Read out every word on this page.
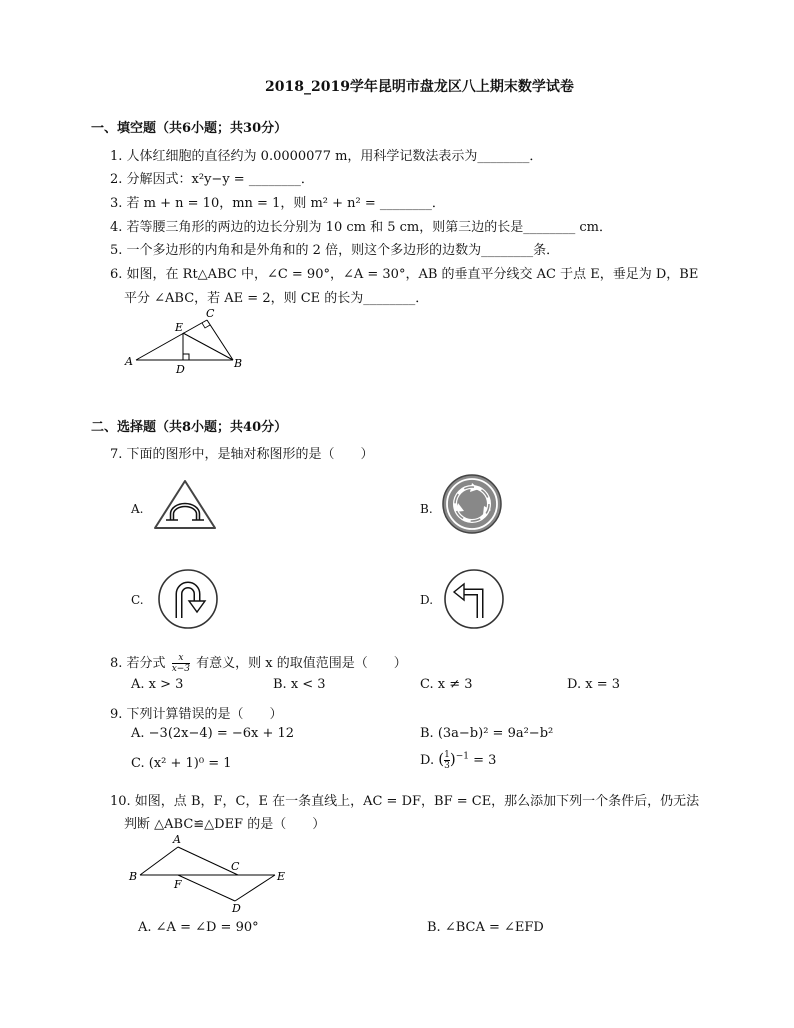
2018_2019学年昆明市盘龙区八上期末数学试卷
一、填空题（共6小题；共30分）
1. 人体红细胞的直径约为 0.0000077 m，用科学记数法表示为________．
2. 分解因式：x²y−y = ________．
3. 若 m + n = 10，mn = 1，则 m² + n² = ________．
4. 若等腰三角形的两边的边长分别为 10 cm 和 5 cm，则第三边的长是________ cm．
5. 一个多边形的内角和是外角和的 2 倍，则这个多边形的边数为________条．
6. 如图，在 Rt△ABC 中，∠C = 90°，∠A = 30°，AB 的垂直平分线交 AC 于点 E，垂足为 D，BE
平分 ∠ABC，若 AE = 2，则 CE 的长为________．
A	B
C
D
E
二、选择题（共8小题；共40分）
7. 下面的图形中，是轴对称图形的是（　　）
A.	B.
C.	D.
8. 若分式 $\frac{x}{x-3}$ 有意义，则 x 的取值范围是（　　）
A. x > 3	B. x < 3	C. x ≠ 3	D. x = 3
9. 下列计算错误的是（　　）
A. −3(2x−4) = −6x + 12	B. (3a−b)² = 9a²−b²
C. (x² + 1)⁰ = 1	D. ( $\frac{1}{3} )^{-1} = 3$
10. 如图，点 B，F，C，E 在一条直线上，AC = DF，BF = CE，那么添加下列一个条件后，仍无法
判断 △ABC≌△DEF 的是（　　）
A
B
C
D
E
F
A. ∠A = ∠D = 90°	B. ∠BCA = ∠EFD
